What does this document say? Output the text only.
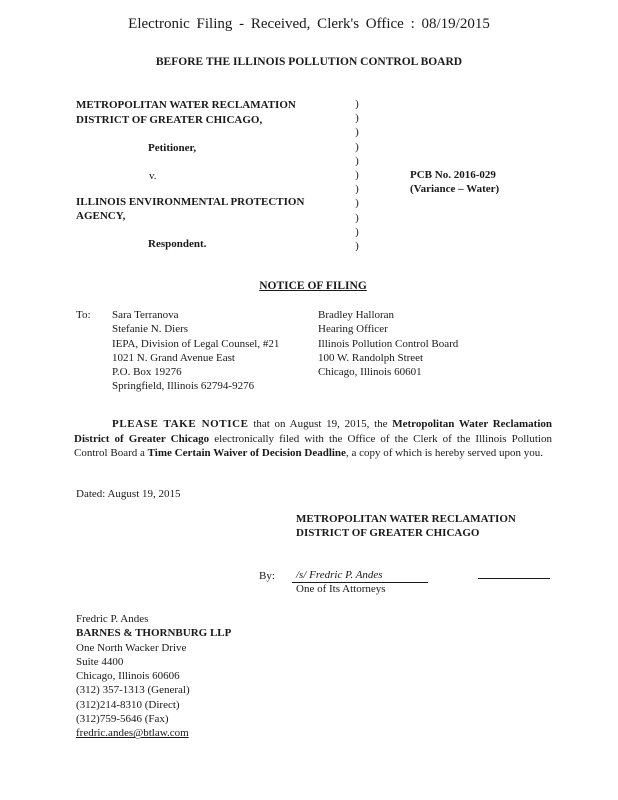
Electronic Filing - Received, Clerk's Office : 08/19/2015
BEFORE THE ILLINOIS POLLUTION CONTROL BOARD
METROPOLITAN WATER RECLAMATION
DISTRICT OF GREATER CHICAGO,
Petitioner,
v.
ILLINOIS ENVIRONMENTAL PROTECTION
AGENCY,
Respondent.
)
)
)
)
)
)
)
)
)
)
)
PCB No. 2016-029
(Variance – Water)
NOTICE OF FILING
To: Sara Terranova
Stefanie N. Diers
IEPA, Division of Legal Counsel, #21
1021 N. Grand Avenue East
P.O. Box 19276
Springfield, Illinois 62794-9276
Bradley Halloran
Hearing Officer
Illinois Pollution Control Board
100 W. Randolph Street
Chicago, Illinois 60601
PLEASE TAKE NOTICE that on August 19, 2015, the Metropolitan Water Reclamation District of Greater Chicago electronically filed with the Office of the Clerk of the Illinois Pollution Control Board a Time Certain Waiver of Decision Deadline, a copy of which is hereby served upon you.
Dated: August 19, 2015
METROPOLITAN WATER RECLAMATION
DISTRICT OF GREATER CHICAGO
By: /s/ Fredric P. Andes
One of Its Attorneys
Fredric P. Andes
BARNES & THORNBURG LLP
One North Wacker Drive
Suite 4400
Chicago, Illinois 60606
(312) 357-1313 (General)
(312)214-8310 (Direct)
(312)759-5646 (Fax)
fredric.andes@btlaw.com
